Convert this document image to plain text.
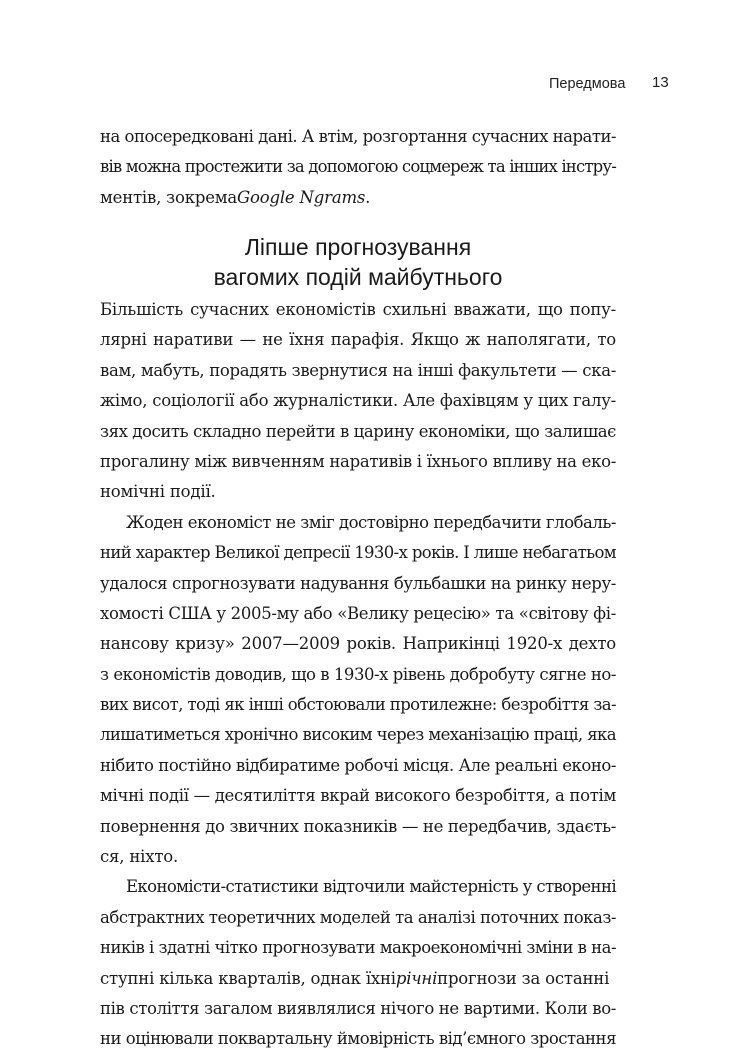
Передмова 13
на опосередковані дані. А втім, розгортання сучасних нарати-
вів можна простежити за допомогою соцмереж та інших інстру-
ментів, зокремаGoogle Ngrams.
Ліпше прогнозування
вагомих подій майбутнього
Більшість сучасних економістів схильні вважати, що попу-
лярні наративи — не їхня парафія. Якщо ж наполягати, то
вам, мабуть, порадять звернутися на інші факультети — ска-
жімо, соціології або журналістики. Але фахівцям у цих галу-
зях досить складно перейти в царину економіки, що залишає
прогалину між вивченням наративів і їхнього впливу на еко-
номічні події.
Жоден економіст не зміг достовірно передбачити глобаль-
ний характер Великої депресії 1930-х років. І лише небагатьом
удалося спрогнозувати надування бульбашки на ринку неру-
хомості США у 2005-му або «Велику рецесію» та «світову фі-
нансову кризу» 2007—2009 років. Наприкінці 1920-х дехто
з економістів доводив, що в 1930-х рівень добробуту сягне но-
вих висот, тоді як інші обстоювали протилежне: безробіття за-
лишатиметься хронічно високим через механізацію праці, яка
нібито постійно відбиратиме робочі місця. Але реальні еконо-
мічні події — десятиліття вкрай високого безробіття, а потім
повернення до звичних показників — не передбачив, здаєть-
ся, ніхто.
Економісти-статистики відточили майстерність у створенні
абстрактних теоретичних моделей та аналізі поточних показ-
ників і здатні чітко прогнозувати макроекономічні зміни в на-
ступні кілька кварталів, однак їхнірічніпрогнози за останні
пів століття загалом виявлялися нічого не вартими. Коли во-
ни оцінювали поквартальну ймовірність від’ємного зростання
